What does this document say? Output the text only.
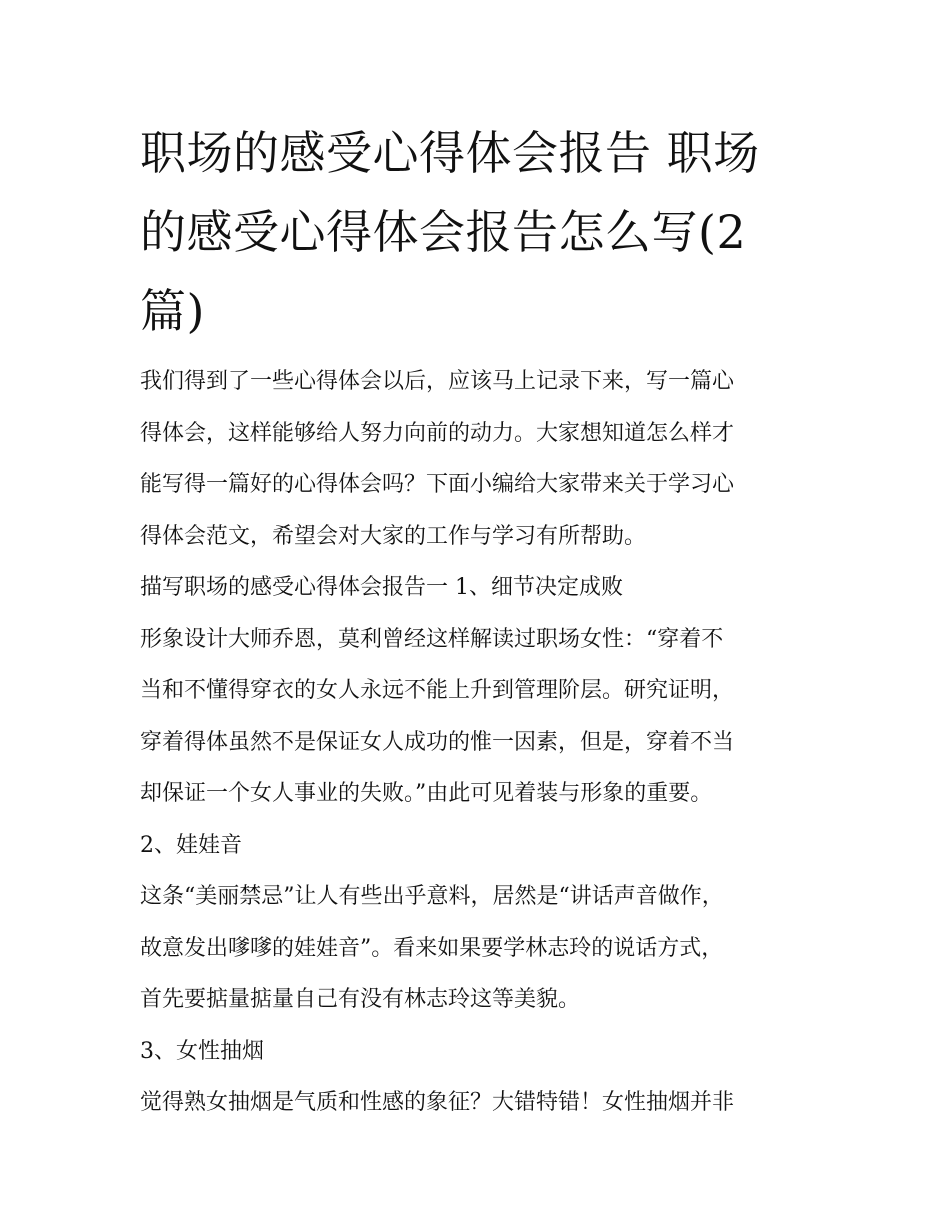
职场的感受心得体会报告 职场
的感受心得体会报告怎么写(2
篇)

我们得到了一些心得体会以后，应该马上记录下来，写一篇心

得体会，这样能够给人努力向前的动力。大家想知道怎么样才

能写得一篇好的心得体会吗？下面小编给大家带来关于学习心

得体会范文，希望会对大家的工作与学习有所帮助。

描写职场的感受心得体会报告一 1、细节决定成败

形象设计大师乔恩，莫利曾经这样解读过职场女性：“穿着不

当和不懂得穿衣的女人永远不能上升到管理阶层。研究证明，

穿着得体虽然不是保证女人成功的惟一因素，但是，穿着不当

却保证一个女人事业的失败。”由此可见着装与形象的重要。

2、娃娃音

这条“美丽禁忌”让人有些出乎意料，居然是“讲话声音做作，

故意发出嗲嗲的娃娃音”。看来如果要学林志玲的说话方式，

首先要掂量掂量自己有没有林志玲这等美貌。

3、女性抽烟

觉得熟女抽烟是气质和性感的象征？大错特错！女性抽烟并非
